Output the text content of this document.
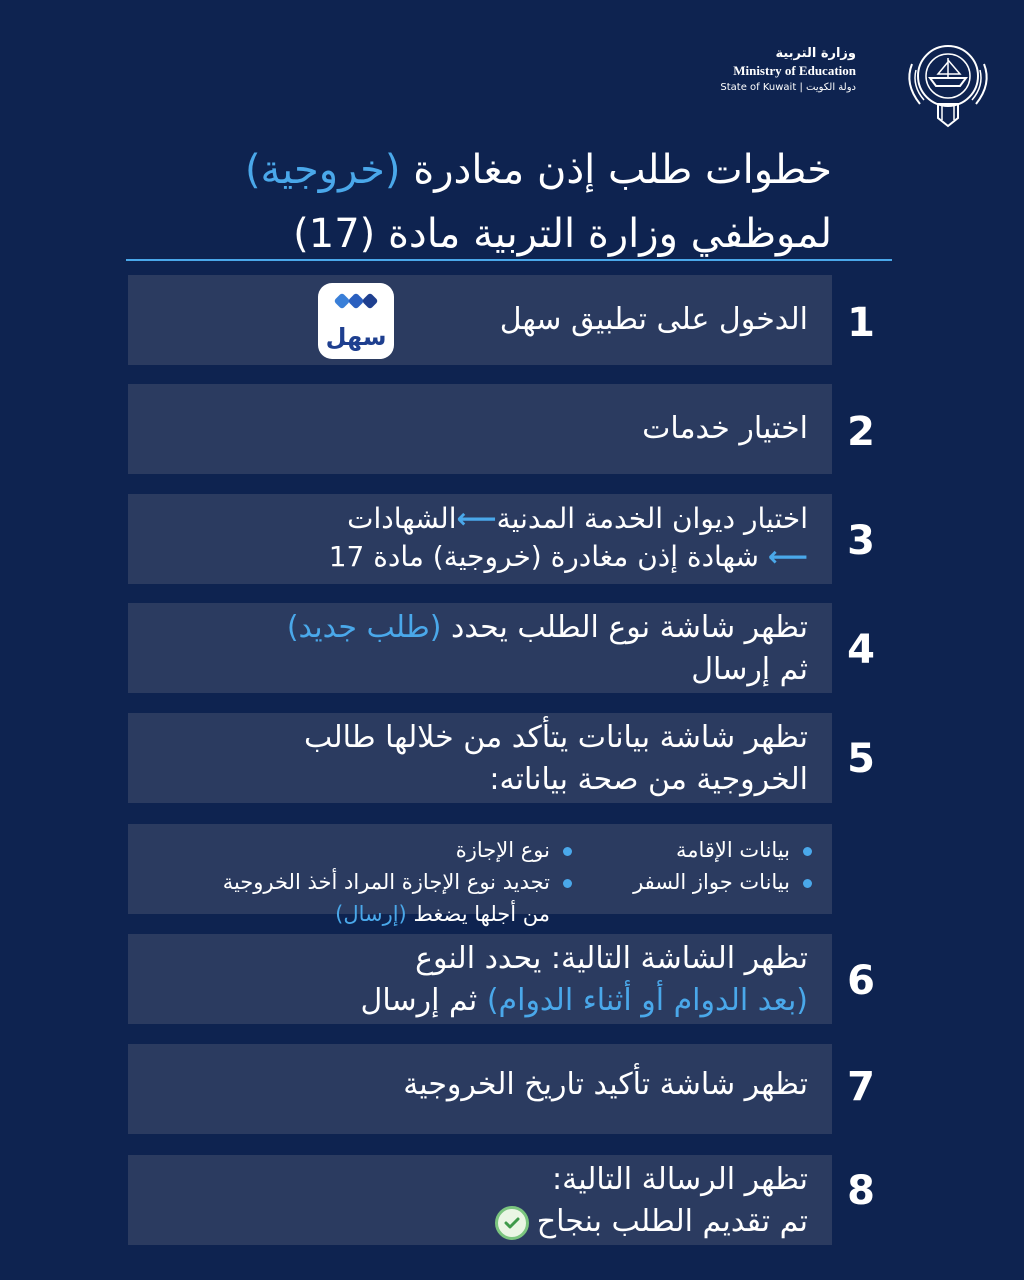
وزارة التربية
Ministry of Education
State of Kuwait | دولة الكويت
خطوات طلب إذن مغادرة (خروجية)
لموظفي وزارة التربية مادة (17)
1
الدخول على تطبيق سهل
سهل
2
اختيار خدمات
3
اختيار ديوان الخدمة المدنية⟵الشهادات
⟵ شهادة إذن مغادرة (خروجية) مادة 17
4
تظهر شاشة نوع الطلب يحدد (طلب جديد)
ثم إرسال
5
تظهر شاشة بيانات يتأكد من خلالها طالب
الخروجية من صحة بياناته:
بيانات الإقامة
بيانات جواز السفر
نوع الإجازة
تجديد نوع الإجازة المراد أخذ الخروجية
من أجلها يضغط (إرسال)
6
تظهر الشاشة التالية: يحدد النوع
(بعد الدوام أو أثناء الدوام) ثم إرسال
7
تظهر شاشة تأكيد تاريخ الخروجية
8
تظهر الرسالة التالية:
تم تقديم الطلب بنجاح
